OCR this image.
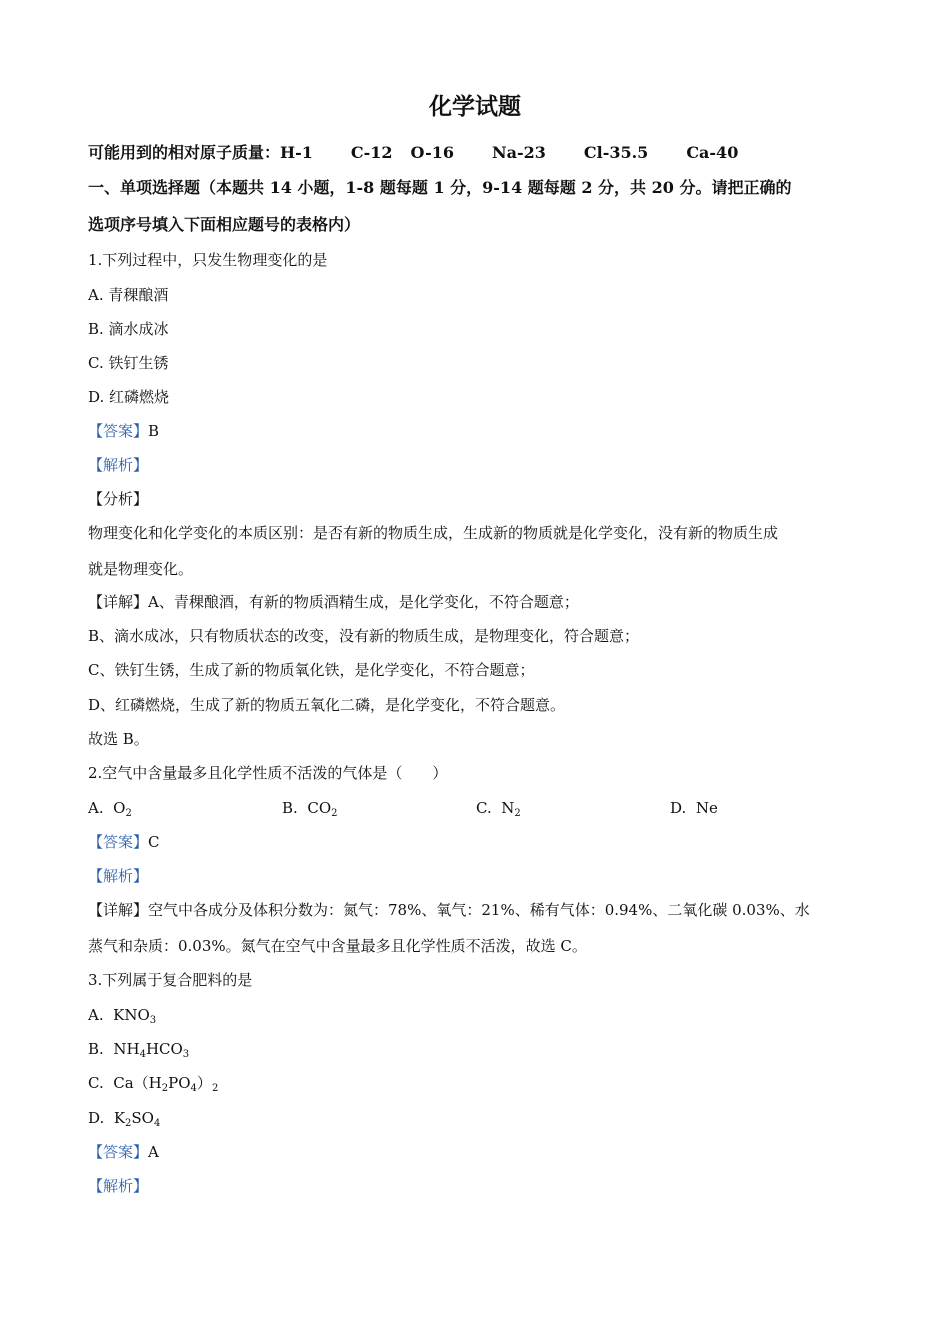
化学试题
可能用到的相对原子质量：H-1 C-12 O-16 Na-23 Cl-35.5 Ca-40
一、单项选择题（本题共 14 小题，1-8 题每题 1 分，9-14 题每题 2 分，共 20 分。请把正确的
选项序号填入下面相应题号的表格内）
1.下列过程中，只发生物理变化的是
A. 青稞酿酒
B. 滴水成冰
C. 铁钉生锈
D. 红磷燃烧
【答案】B
【解析】
【分析】
物理变化和化学变化的本质区别：是否有新的物质生成，生成新的物质就是化学变化，没有新的物质生成
就是物理变化。
【详解】A、青稞酿酒，有新的物质酒精生成，是化学变化，不符合题意；
B、滴水成冰，只有物质状态的改变，没有新的物质生成，是物理变化，符合题意；
C、铁钉生锈，生成了新的物质氧化铁，是化学变化，不符合题意；
D、红磷燃烧，生成了新的物质五氧化二磷，是化学变化，不符合题意。
故选 B。
2.空气中含量最多且化学性质不活泼的气体是（　　）
A. $O_2$	B. $CO_2$	C. $N_2$	D. Ne
【答案】C
【解析】
【详解】空气中各成分及体积分数为：氮气：78%、氧气：21%、稀有气体：0.94%、二氧化碳 0.03%、水
蒸气和杂质：0.03%。氮气在空气中含量最多且化学性质不活泼，故选 C。
3.下列属于复合肥料的是
A. $KNO_3$
B. $NH_4HCO_3$
C. $Ca(H_2PO_4)_2$
D. $K_2SO_4$
【答案】A
【解析】
